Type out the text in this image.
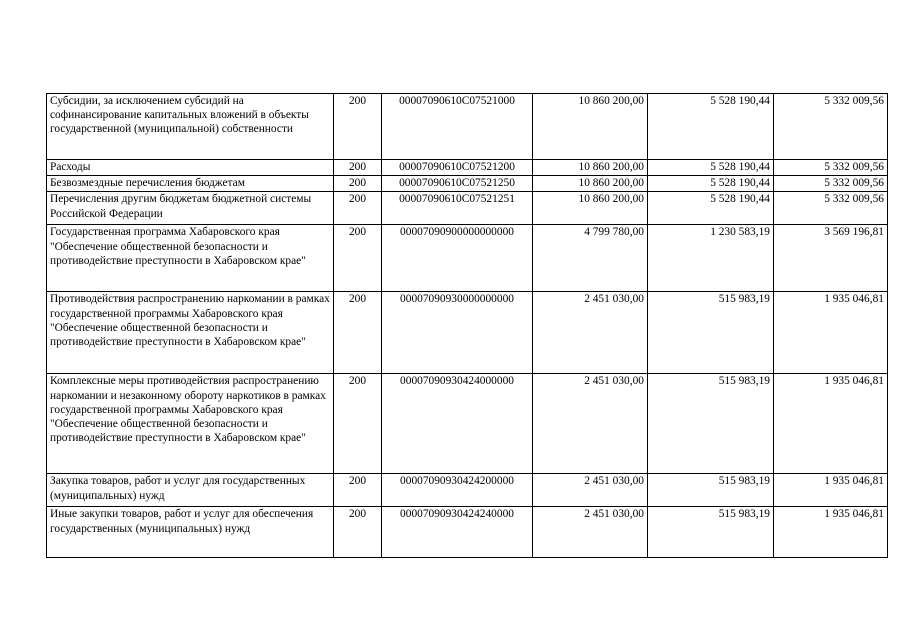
Субсидии, за исключением субсидий на софинансирование капитальных вложений в объекты государственной (муниципальной) собственности	200	00007090610C07521000	10 860 200,00	5 528 190,44	5 332 009,56
Расходы	200	00007090610C07521200	10 860 200,00	5 528 190,44	5 332 009,56
Безвозмездные перечисления бюджетам	200	00007090610C07521250	10 860 200,00	5 528 190,44	5 332 009,56
Перечисления другим бюджетам бюджетной системы Российской Федерации	200	00007090610C07521251	10 860 200,00	5 528 190,44	5 332 009,56
Государственная программа Хабаровского края "Обеспечение общественной безопасности и противодействие преступности в Хабаровском крае"	200	00007090900000000000	4 799 780,00	1 230 583,19	3 569 196,81
Противодействия распространению наркомании в рамках государственной программы Хабаровского края "Обеспечение общественной безопасности и противодействие преступности в Хабаровском крае"	200	00007090930000000000	2 451 030,00	515 983,19	1 935 046,81
Комплексные меры противодействия распространению наркомании и незаконному обороту наркотиков в рамках государственной программы Хабаровского края "Обеспечение общественной безопасности и противодействие преступности в Хабаровском крае"	200	00007090930424000000	2 451 030,00	515 983,19	1 935 046,81
Закупка товаров, работ и услуг для государственных (муниципальных) нужд	200	00007090930424200000	2 451 030,00	515 983,19	1 935 046,81
Иные закупки товаров, работ и услуг для обеспечения государственных (муниципальных) нужд	200	00007090930424240000	2 451 030,00	515 983,19	1 935 046,81
